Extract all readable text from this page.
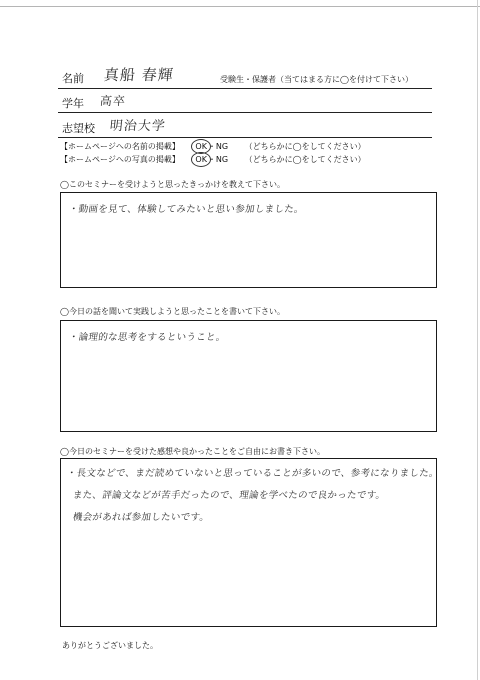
名前 真船 春輝	受験生・保護者（当てはまる方に◯を付けて下さい）
学年 高卒
志望校 明治大学
【ホームページへの名前の掲載】 OK・NG （どちらかに◯をしてください）
【ホームページへの写真の掲載】 OK・NG （どちらかに◯をしてください）
◯このセミナーを受けようと思ったきっかけを教えて下さい。
・動画を見て、体験してみたいと思い参加しました。
◯今日の話を聞いて実践しようと思ったことを書いて下さい。
・論理的な思考をするということ。
◯今日のセミナーを受けた感想や良かったことをご自由にお書き下さい。
・長文などで、まだ読めていないと思っていることが多いので、参考になりました。
また、評論文などが苦手だったので、理論を学べたので良かったです。
機会があれば参加したいです。
ありがとうございました。
